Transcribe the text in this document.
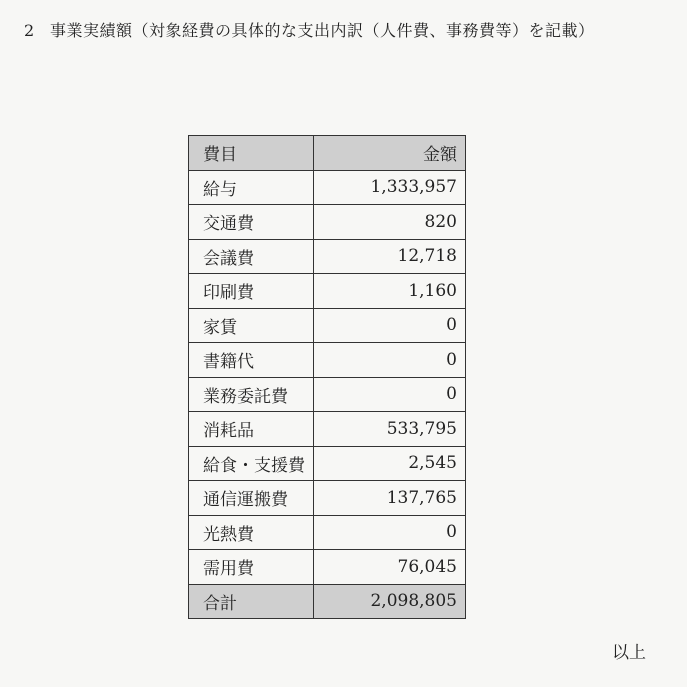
2 事業実績額（対象経費の具体的な支出内訳（人件費、事務費等）を記載）
費目	金額
給与	1,333,957
交通費	820
会議費	12,718
印刷費	1,160
家賃	0
書籍代	0
業務委託費	0
消耗品	533,795
給食・支援費	2,545
通信運搬費	137,765
光熱費	0
需用費	76,045
合計	2,098,805
以上
